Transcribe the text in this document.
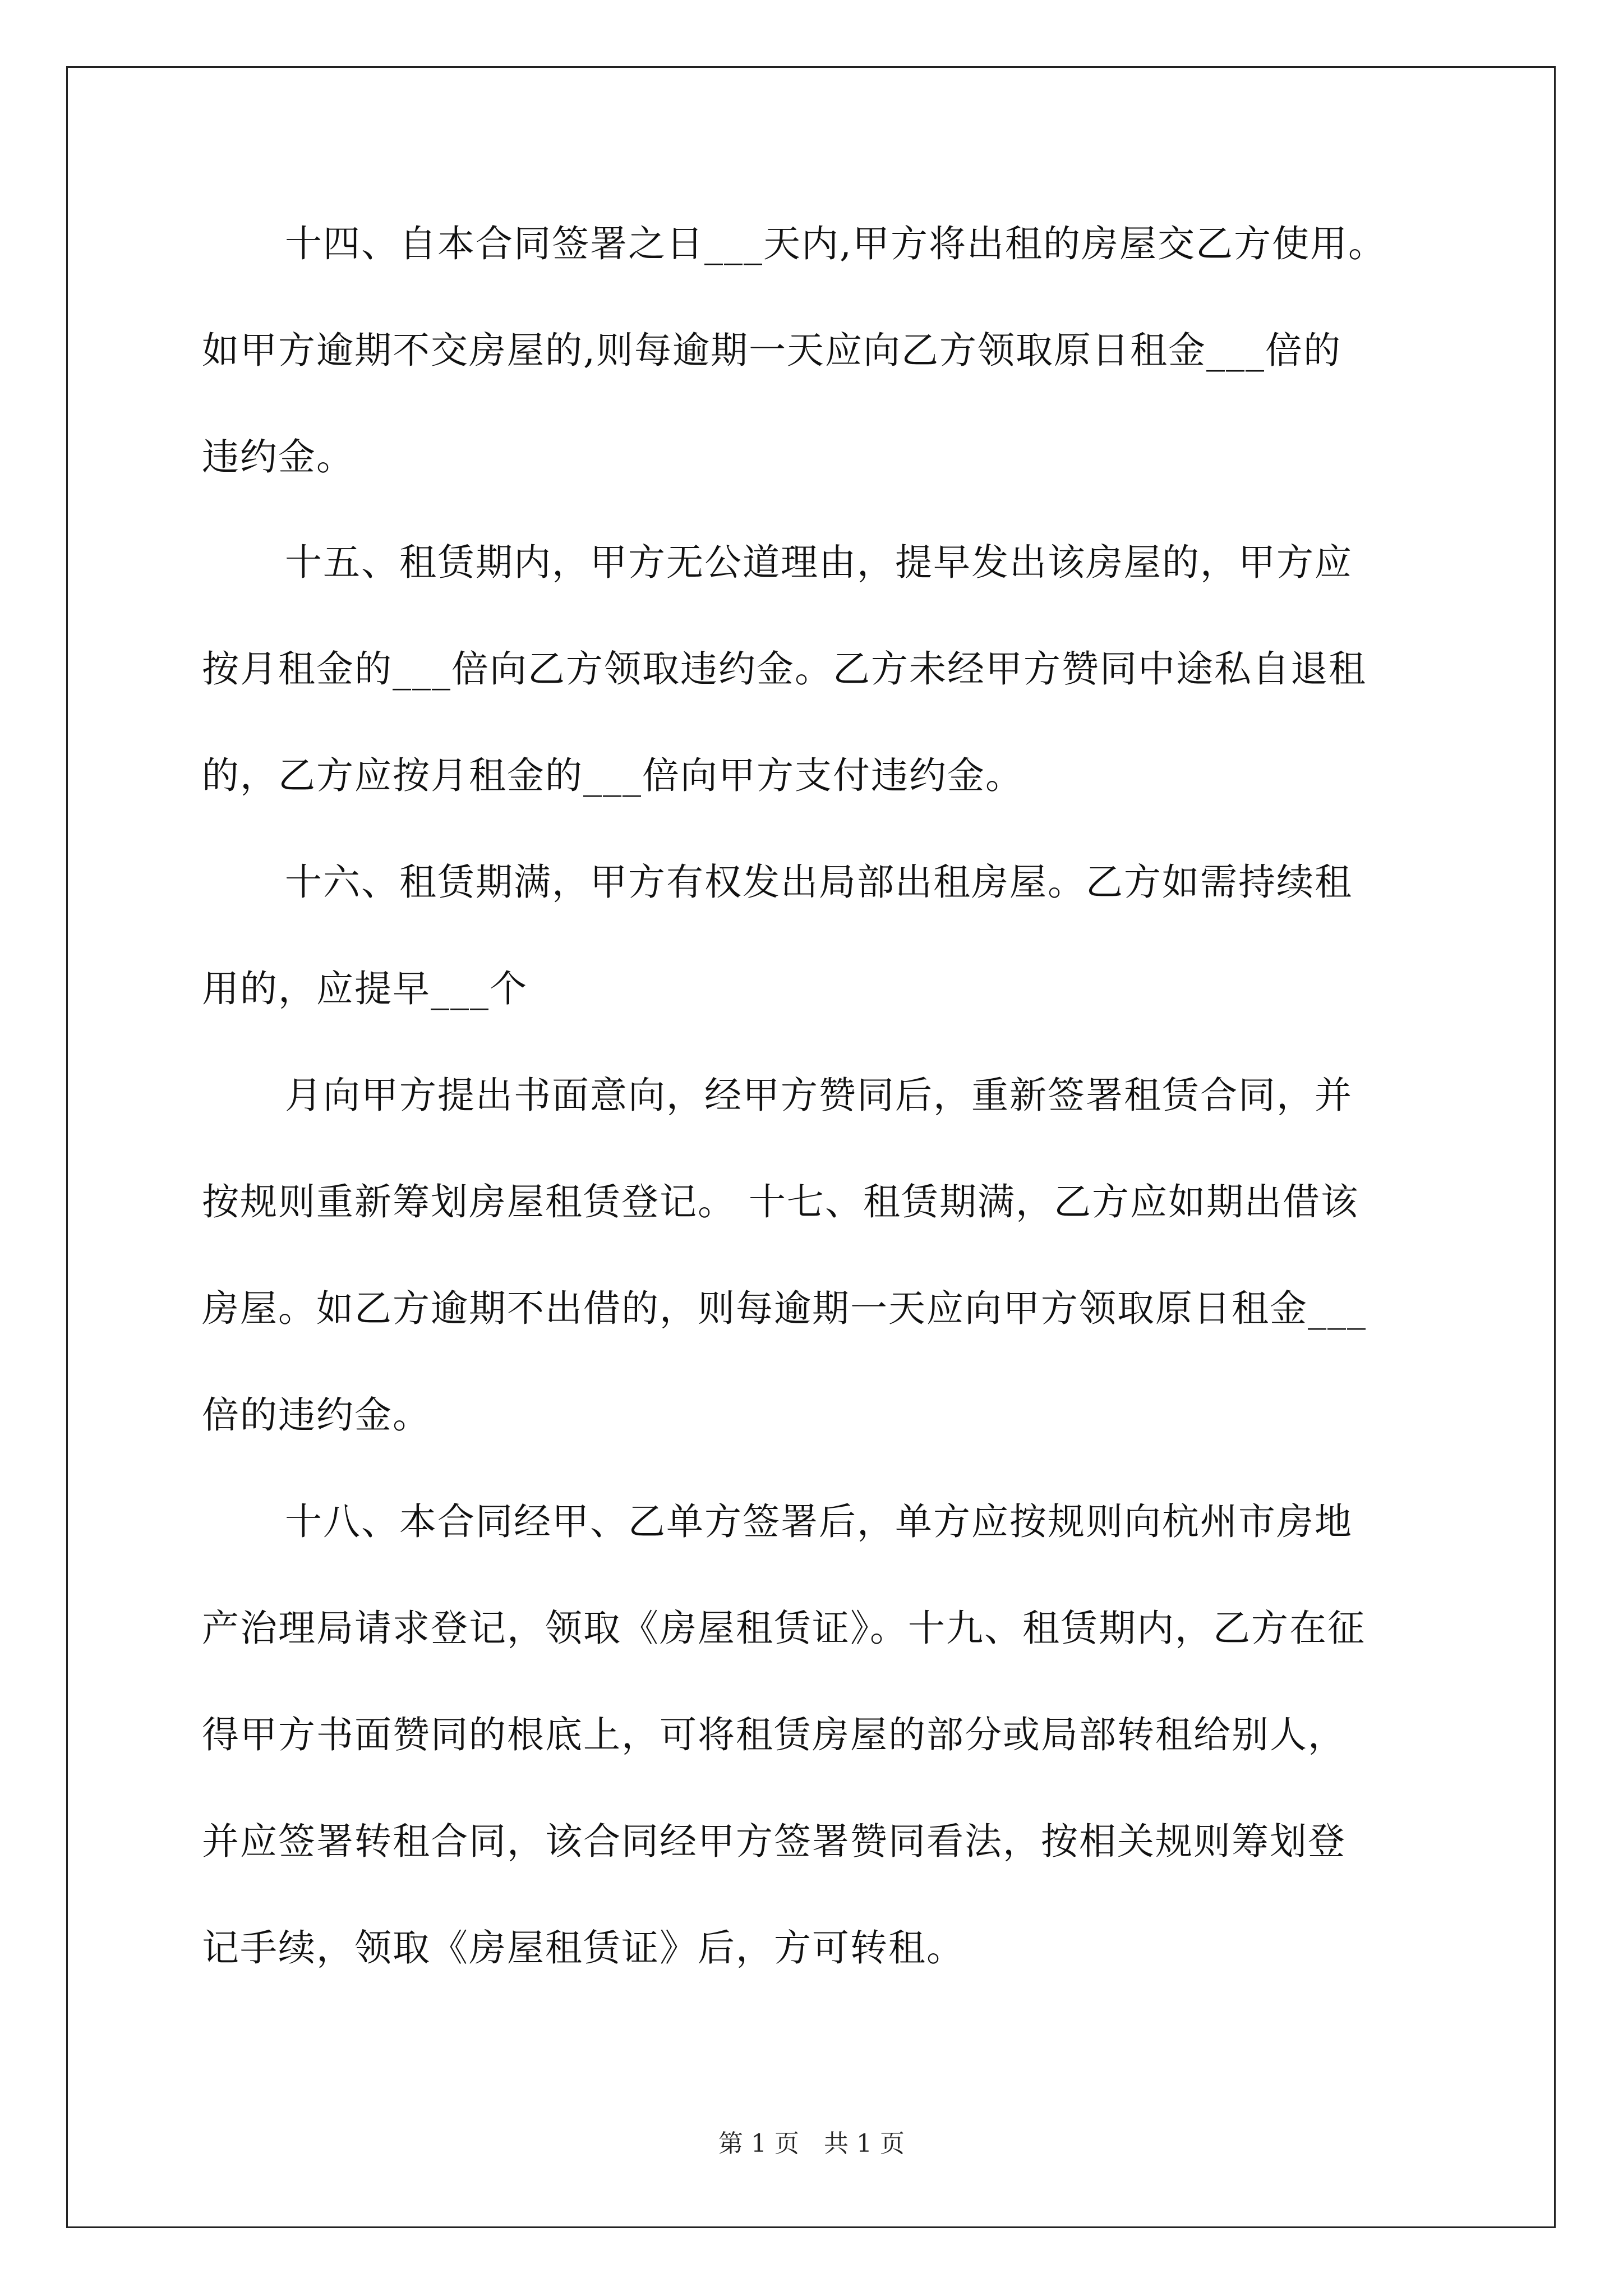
十四、自本合同签署之日___天内,甲方将出租的房屋交乙方使用。
如甲方逾期不交房屋的,则每逾期一天应向乙方领取原日租金___倍的
违约金。
十五、租赁期内，甲方无公道理由，提早发出该房屋的，甲方应
按月租金的___倍向乙方领取违约金。乙方未经甲方赞同中途私自退租
的，乙方应按月租金的___倍向甲方支付违约金。
十六、租赁期满，甲方有权发出局部出租房屋。乙方如需持续租
用的，应提早___个
月向甲方提出书面意向，经甲方赞同后，重新签署租赁合同，并
按规则重新筹划房屋租赁登记。 十七、租赁期满，乙方应如期出借该
房屋。如乙方逾期不出借的，则每逾期一天应向甲方领取原日租金___
倍的违约金。
十八、本合同经甲、乙单方签署后，单方应按规则向杭州市房地
产治理局请求登记，领取《房屋租赁证》。十九、租赁期内，乙方在征
得甲方书面赞同的根底上，可将租赁房屋的部分或局部转租给别人，
并应签署转租合同，该合同经甲方签署赞同看法，按相关规则筹划登
记手续，领取《房屋租赁证》后，方可转租。
第 1 页 共 1 页
